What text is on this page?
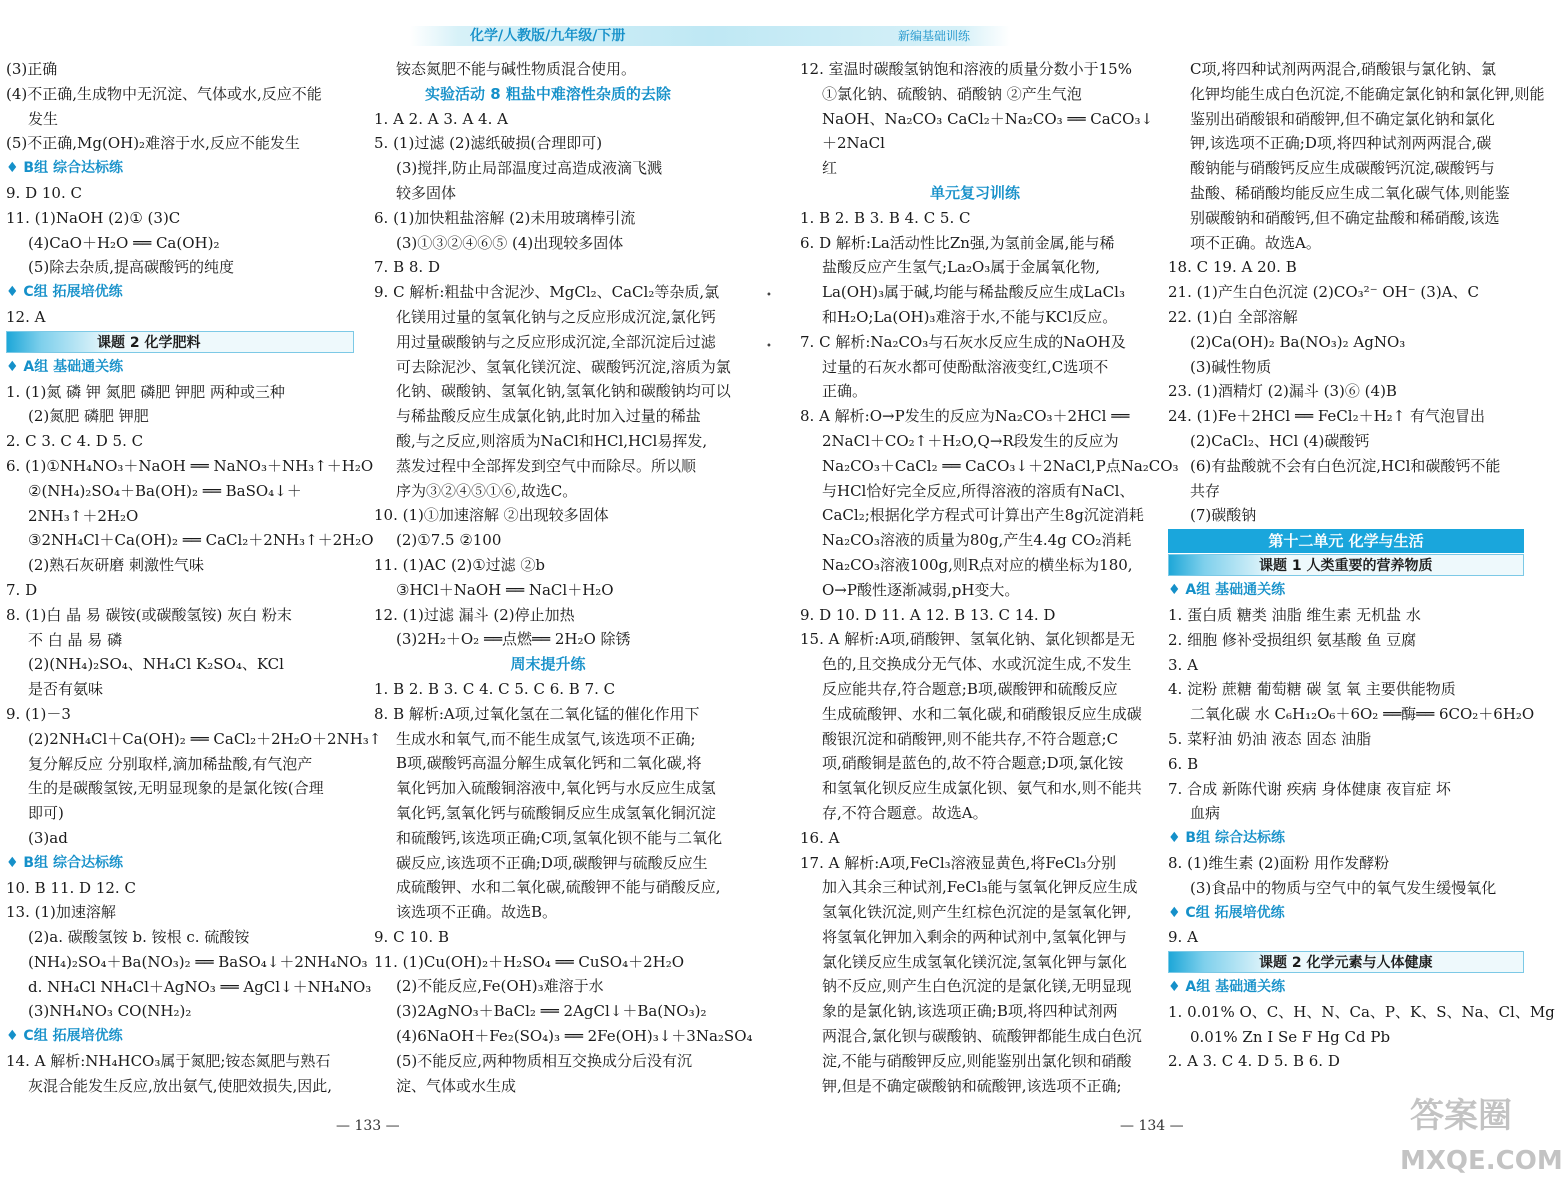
化学/人教版/九年级/下册	新编基础训练
(3)正确
(4)不正确,生成物中无沉淀、气体或水,反应不能
发生
(5)不正确,Mg(OH)₂难溶于水,反应不能发生
♦ B组 综合达标练
9. D 10. C
11. (1)NaOH (2)① (3)C
(4)CaO＋H₂O ══ Ca(OH)₂
(5)除去杂质,提高碳酸钙的纯度
♦ C组 拓展培优练
12. A
课题 2 化学肥料
♦ A组 基础通关练
1. (1)氮 磷 钾 氮肥 磷肥 钾肥 两种或三种
(2)氮肥 磷肥 钾肥
2. C 3. C 4. D 5. C
6. (1)①NH₄NO₃＋NaOH ══ NaNO₃＋NH₃↑＋H₂O
②(NH₄)₂SO₄＋Ba(OH)₂ ══ BaSO₄↓＋
2NH₃↑＋2H₂O
③2NH₄Cl＋Ca(OH)₂ ══ CaCl₂＋2NH₃↑＋2H₂O
(2)熟石灰研磨 刺激性气味
7. D
8. (1)白 晶 易 碳铵(或碳酸氢铵) 灰白 粉末
不 白 晶 易 磷
(2)(NH₄)₂SO₄、NH₄Cl K₂SO₄、KCl
是否有氨味
9. (1)－3
(2)2NH₄Cl＋Ca(OH)₂ ══ CaCl₂＋2H₂O＋2NH₃↑
复分解反应 分别取样,滴加稀盐酸,有气泡产
生的是碳酸氢铵,无明显现象的是氯化铵(合理
即可)
(3)ad
♦ B组 综合达标练
10. B 11. D 12. C
13. (1)加速溶解
(2)a. 碳酸氢铵 b. 铵根 c. 硫酸铵
(NH₄)₂SO₄＋Ba(NO₃)₂ ══ BaSO₄↓＋2NH₄NO₃
d. NH₄Cl NH₄Cl＋AgNO₃ ══ AgCl↓＋NH₄NO₃
(3)NH₄NO₃ CO(NH₂)₂
♦ C组 拓展培优练
14. A 解析:NH₄HCO₃属于氮肥;铵态氮肥与熟石
灰混合能发生反应,放出氨气,使肥效损失,因此,
铵态氮肥不能与碱性物质混合使用。
实验活动 8 粗盐中难溶性杂质的去除
1. A 2. A 3. A 4. A
5. (1)过滤 (2)滤纸破损(合理即可)
(3)搅拌,防止局部温度过高造成液滴飞溅
较多固体
6. (1)加快粗盐溶解 (2)未用玻璃棒引流
(3)①③②④⑥⑤ (4)出现较多固体
7. B 8. D
9. C 解析:粗盐中含泥沙、MgCl₂、CaCl₂等杂质,氯
化镁用过量的氢氧化钠与之反应形成沉淀,氯化钙
用过量碳酸钠与之反应形成沉淀,全部沉淀后过滤
可去除泥沙、氢氧化镁沉淀、碳酸钙沉淀,溶质为氯
化钠、碳酸钠、氢氧化钠,氢氧化钠和碳酸钠均可以
与稀盐酸反应生成氯化钠,此时加入过量的稀盐
酸,与之反应,则溶质为NaCl和HCl,HCl易挥发,
蒸发过程中全部挥发到空气中而除尽。所以顺
序为③②④⑤①⑥,故选C。
10. (1)①加速溶解 ②出现较多固体
(2)①7.5 ②100
11. (1)AC (2)①过滤 ②b
③HCl＋NaOH ══ NaCl＋H₂O
12. (1)过滤 漏斗 (2)停止加热
(3)2H₂＋O₂ ══点燃══ 2H₂O 除锈
周末提升练
1. B 2. B 3. C 4. C 5. C 6. B 7. C
8. B 解析:A项,过氧化氢在二氧化锰的催化作用下
生成水和氧气,而不能生成氢气,该选项不正确;
B项,碳酸钙高温分解生成氧化钙和二氧化碳,将
氧化钙加入硫酸铜溶液中,氧化钙与水反应生成氢
氧化钙,氢氧化钙与硫酸铜反应生成氢氧化铜沉淀
和硫酸钙,该选项正确;C项,氢氧化钡不能与二氧化
碳反应,该选项不正确;D项,碳酸钾与硫酸反应生
成硫酸钾、水和二氧化碳,硫酸钾不能与硝酸反应,
该选项不正确。故选B。
9. C 10. B
11. (1)Cu(OH)₂＋H₂SO₄ ══ CuSO₄＋2H₂O
(2)不能反应,Fe(OH)₃难溶于水
(3)2AgNO₃＋BaCl₂ ══ 2AgCl↓＋Ba(NO₃)₂
(4)6NaOH＋Fe₂(SO₄)₃ ══ 2Fe(OH)₃↓＋3Na₂SO₄
(5)不能反应,两种物质相互交换成分后没有沉
淀、气体或水生成
12. 室温时碳酸氢钠饱和溶液的质量分数小于15%
①氯化钠、硫酸钠、硝酸钠 ②产生气泡
NaOH、Na₂CO₃ CaCl₂＋Na₂CO₃ ══ CaCO₃↓
＋2NaCl
红
单元复习训练
1. B 2. B 3. B 4. C 5. C
6. D 解析:La活动性比Zn强,为氢前金属,能与稀
盐酸反应产生氢气;La₂O₃属于金属氧化物,
La(OH)₃属于碱,均能与稀盐酸反应生成LaCl₃
和H₂O;La(OH)₃难溶于水,不能与KCl反应。
7. C 解析:Na₂CO₃与石灰水反应生成的NaOH及
过量的石灰水都可使酚酞溶液变红,C选项不
正确。
8. A 解析:O→P发生的反应为Na₂CO₃＋2HCl ══
2NaCl＋CO₂↑＋H₂O,Q→R段发生的反应为
Na₂CO₃＋CaCl₂ ══ CaCO₃↓＋2NaCl,P点Na₂CO₃
与HCl恰好完全反应,所得溶液的溶质有NaCl、
CaCl₂;根据化学方程式可计算出产生8g沉淀消耗
Na₂CO₃溶液的质量为80g,产生4.4g CO₂消耗
Na₂CO₃溶液100g,则R点对应的横坐标为180,
O→P酸性逐渐减弱,pH变大。
9. D 10. D 11. A 12. B 13. C 14. D
15. A 解析:A项,硝酸钾、氢氧化钠、氯化钡都是无
色的,且交换成分无气体、水或沉淀生成,不发生
反应能共存,符合题意;B项,碳酸钾和硫酸反应
生成硫酸钾、水和二氧化碳,和硝酸银反应生成碳
酸银沉淀和硝酸钾,则不能共存,不符合题意;C
项,硝酸铜是蓝色的,故不符合题意;D项,氯化铵
和氢氧化钡反应生成氯化钡、氨气和水,则不能共
存,不符合题意。故选A。
16. A
17. A 解析:A项,FeCl₃溶液显黄色,将FeCl₃分别
加入其余三种试剂,FeCl₃能与氢氧化钾反应生成
氢氧化铁沉淀,则产生红棕色沉淀的是氢氧化钾,
将氢氧化钾加入剩余的两种试剂中,氢氧化钾与
氯化镁反应生成氢氧化镁沉淀,氢氧化钾与氯化
钠不反应,则产生白色沉淀的是氯化镁,无明显现
象的是氯化钠,该选项正确;B项,将四种试剂两
两混合,氯化钡与碳酸钠、硫酸钾都能生成白色沉
淀,不能与硝酸钾反应,则能鉴别出氯化钡和硝酸
钾,但是不确定碳酸钠和硫酸钾,该选项不正确;
C项,将四种试剂两两混合,硝酸银与氯化钠、氯
化钾均能生成白色沉淀,不能确定氯化钠和氯化钾,则能
鉴别出硝酸银和硝酸钾,但不确定氯化钠和氯化
钾,该选项不正确;D项,将四种试剂两两混合,碳
酸钠能与硝酸钙反应生成碳酸钙沉淀,碳酸钙与
盐酸、稀硝酸均能反应生成二氧化碳气体,则能鉴
别碳酸钠和硝酸钙,但不确定盐酸和稀硝酸,该选
项不正确。故选A。
18. C 19. A 20. B
21. (1)产生白色沉淀 (2)CO₃²⁻ OH⁻ (3)A、C
22. (1)白 全部溶解
(2)Ca(OH)₂ Ba(NO₃)₂ AgNO₃
(3)碱性物质
23. (1)酒精灯 (2)漏斗 (3)⑥ (4)B
24. (1)Fe＋2HCl ══ FeCl₂＋H₂↑ 有气泡冒出
(2)CaCl₂、HCl (4)碳酸钙
(6)有盐酸就不会有白色沉淀,HCl和碳酸钙不能
共存
(7)碳酸钠
第十二单元 化学与生活
课题 1 人类重要的营养物质
♦ A组 基础通关练
1. 蛋白质 糖类 油脂 维生素 无机盐 水
2. 细胞 修补受损组织 氨基酸 鱼 豆腐
3. A
4. 淀粉 蔗糖 葡萄糖 碳 氢 氧 主要供能物质
二氧化碳 水 C₆H₁₂O₆＋6O₂ ══酶══ 6CO₂＋6H₂O
5. 菜籽油 奶油 液态 固态 油脂
6. B
7. 合成 新陈代谢 疾病 身体健康 夜盲症 坏
血病
♦ B组 综合达标练
8. (1)维生素 (2)面粉 用作发酵粉
(3)食品中的物质与空气中的氧气发生缓慢氧化
♦ C组 拓展培优练
9. A
课题 2 化学元素与人体健康
♦ A组 基础通关练
1. 0.01% O、C、H、N、Ca、P、K、S、Na、Cl、Mg
0.01% Zn I Se F Hg Cd Pb
2. A 3. C 4. D 5. B 6. D
•
•
— 133 —	— 134 —	答案圈
MXQE.COM
